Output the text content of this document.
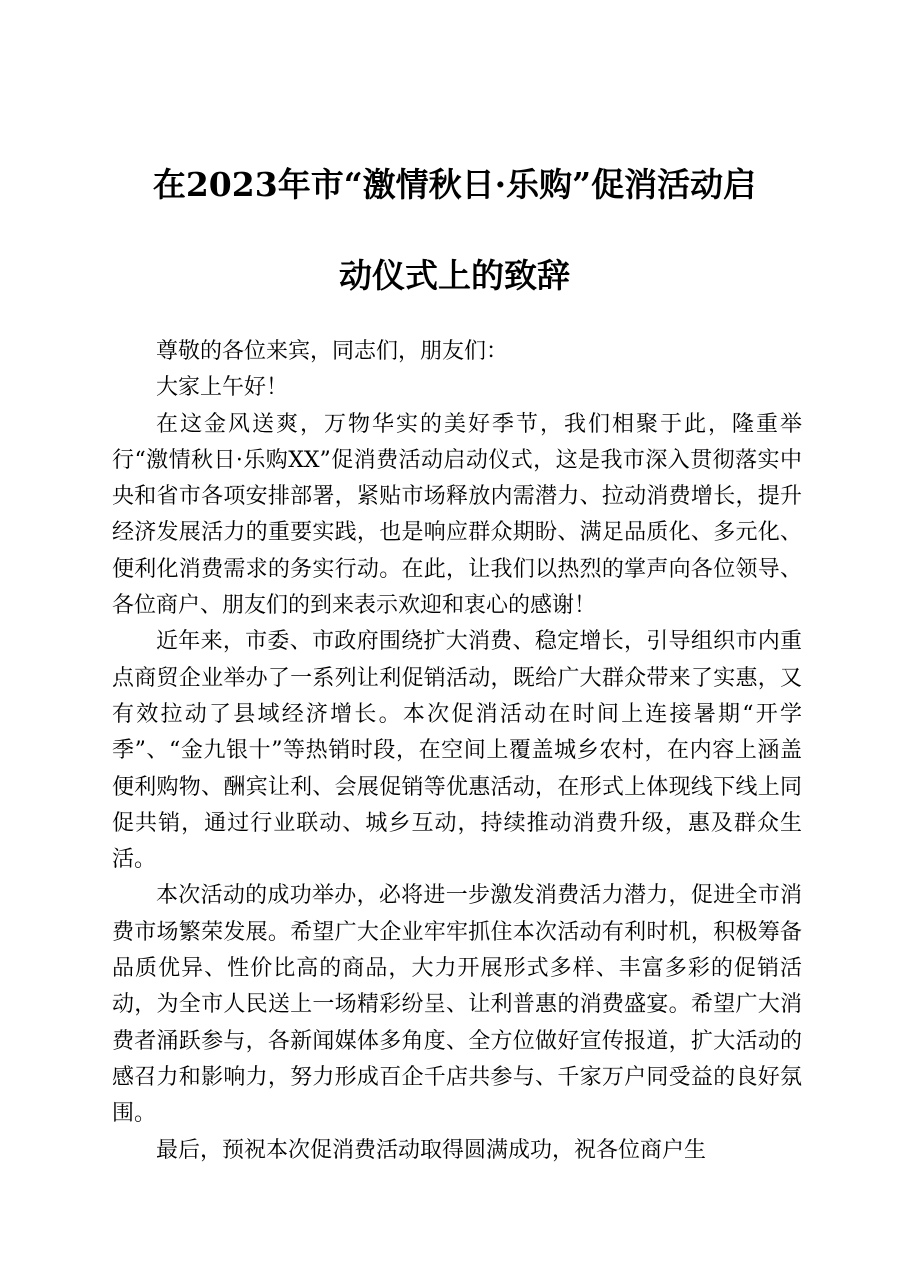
在2023年市“激情秋日·乐购”促消活动启
动仪式上的致辞

尊敬的各位来宾，同志们，朋友们：

大家上午好！

在这金风送爽，万物华实的美好季节，我们相聚于此，隆重举行“激情秋日·乐购XX”促消费活动启动仪式，这是我市深入贯彻落实中央和省市各项安排部署，紧贴市场释放内需潜力、拉动消费增长，提升经济发展活力的重要实践，也是响应群众期盼、满足品质化、多元化、便利化消费需求的务实行动。在此，让我们以热烈的掌声向各位领导、各位商户、朋友们的到来表示欢迎和衷心的感谢！

近年来，市委、市政府围绕扩大消费、稳定增长，引导组织市内重点商贸企业举办了一系列让利促销活动，既给广大群众带来了实惠，又有效拉动了县域经济增长。本次促消活动在时间上连接暑期“开学季”、“金九银十”等热销时段，在空间上覆盖城乡农村，在内容上涵盖便利购物、酬宾让利、会展促销等优惠活动，在形式上体现线下线上同促共销，通过行业联动、城乡互动，持续推动消费升级，惠及群众生活。

本次活动的成功举办，必将进一步激发消费活力潜力，促进全市消费市场繁荣发展。希望广大企业牢牢抓住本次活动有利时机，积极筹备品质优异、性价比高的商品，大力开展形式多样、丰富多彩的促销活动，为全市人民送上一场精彩纷呈、让利普惠的消费盛宴。希望广大消费者涌跃参与，各新闻媒体多角度、全方位做好宣传报道，扩大活动的感召力和影响力，努力形成百企千店共参与、千家万户同受益的良好氛围。

最后，预祝本次促消费活动取得圆满成功，祝各位商户生
